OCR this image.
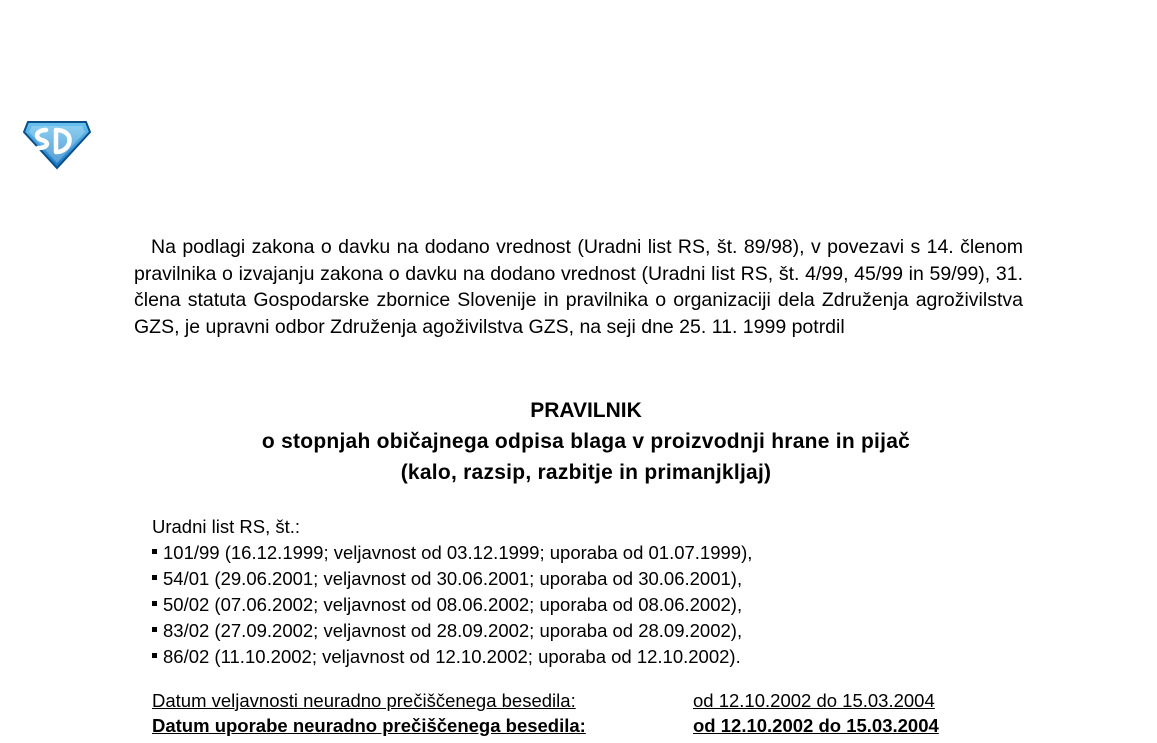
Na podlagi zakona o davku na dodano vrednost (Uradni list RS, št. 89/98), v povezavi s 14. členom pravilnika o izvajanju zakona o davku na dodano vrednost (Uradni list RS, št. 4/99, 45/99 in 59/99), 31. člena statuta Gospodarske zbornice Slovenije in pravilnika o organizaciji dela Združenja agroživilstva GZS, je upravni odbor Združenja agoživilstva GZS, na seji dne 25. 11. 1999 potrdil

PRAVILNIK
o stopnjah običajnega odpisa blaga v proizvodnji hrane in pijač
(kalo, razsip, razbitje in primanjkljaj)
Uradni list RS, št.:
101/99 (16.12.1999; veljavnost od 03.12.1999; uporaba od 01.07.1999),
54/01 (29.06.2001; veljavnost od 30.06.2001; uporaba od 30.06.2001),
50/02 (07.06.2002; veljavnost od 08.06.2002; uporaba od 08.06.2002),
83/02 (27.09.2002; veljavnost od 28.09.2002; uporaba od 28.09.2002),
86/02 (11.10.2002; veljavnost od 12.10.2002; uporaba od 12.10.2002).
Datum veljavnosti neuradno prečiščenega besedila:	od 12.10.2002 do 15.03.2004
Datum uporabe neuradno prečiščenega besedila:	od 12.10.2002 do 15.03.2004
